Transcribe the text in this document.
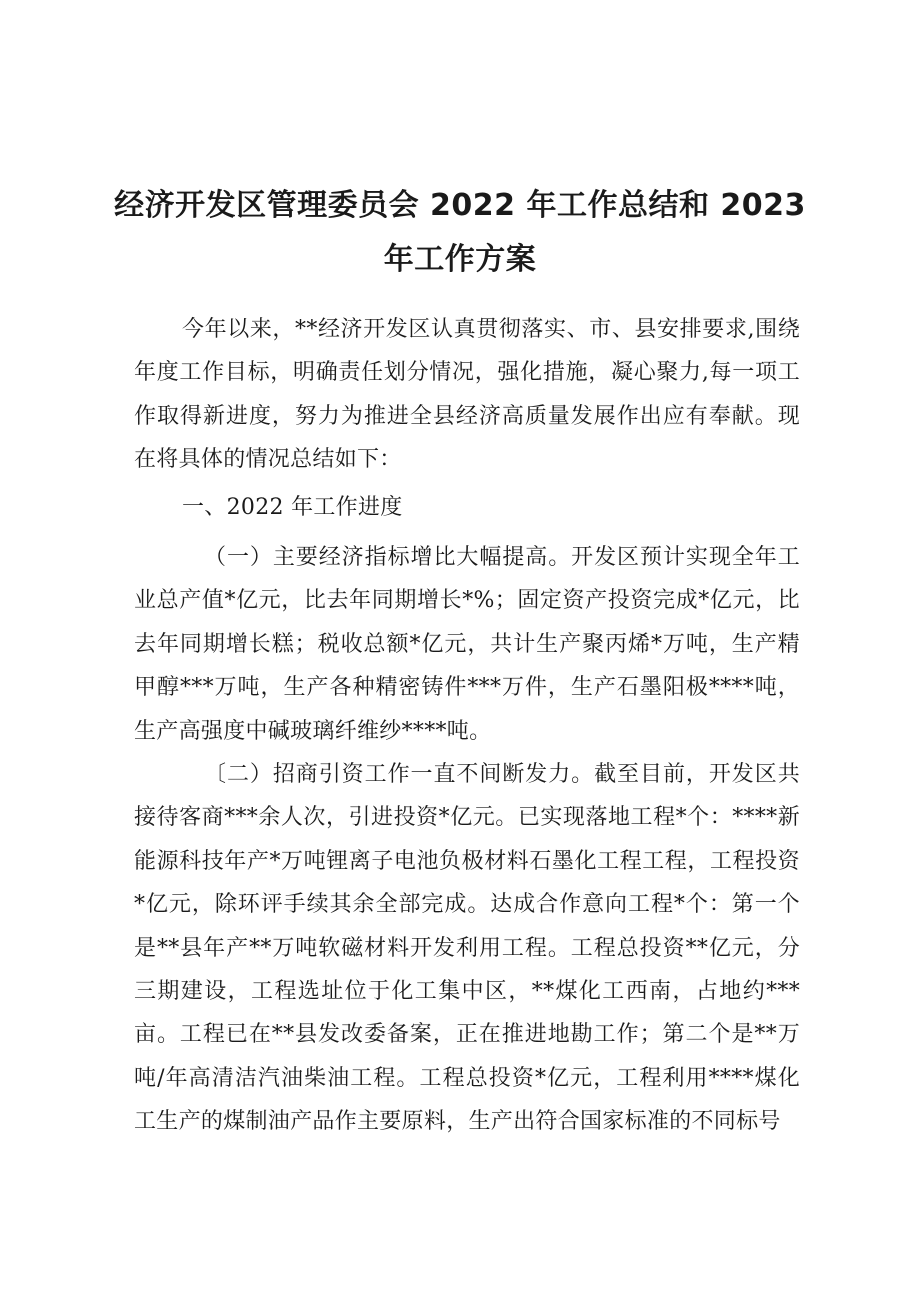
经济开发区管理委员会 2022 年工作总结和 2023
年工作方案

今年以来，**经济开发区认真贯彻落实、市、县安排要求,围绕年度工作目标，明确责任划分情况，强化措施，凝心聚力,每一项工作取得新进度，努力为推进全县经济高质量发展作出应有奉献。现在将具体的情况总结如下：

一、2022 年工作进度

（一）主要经济指标增比大幅提高。开发区预计实现全年工业总产值*亿元，比去年同期增长*%；固定资产投资完成*亿元，比去年同期增长糕；税收总额*亿元，共计生产聚丙烯*万吨，生产精甲醇***万吨，生产各种精密铸件***万件，生产石墨阳极****吨，生产高强度中碱玻璃纤维纱****吨。

〔二）招商引资工作一直不间断发力。截至目前，开发区共接待客商***余人次，引进投资*亿元。已实现落地工程*个：****新能源科技年产*万吨锂离子电池负极材料石墨化工程工程，工程投资*亿元，除环评手续其余全部完成。达成合作意向工程*个：第一个是**县年产**万吨软磁材料开发利用工程。工程总投资**亿元，分三期建设，工程选址位于化工集中区，**煤化工西南，占地约***亩。工程已在**县发改委备案，正在推进地勘工作；第二个是**万吨/年高清洁汽油柴油工程。工程总投资*亿元，工程利用****煤化工生产的煤制油产品作主要原料，生产出符合国家标准的不同标号
